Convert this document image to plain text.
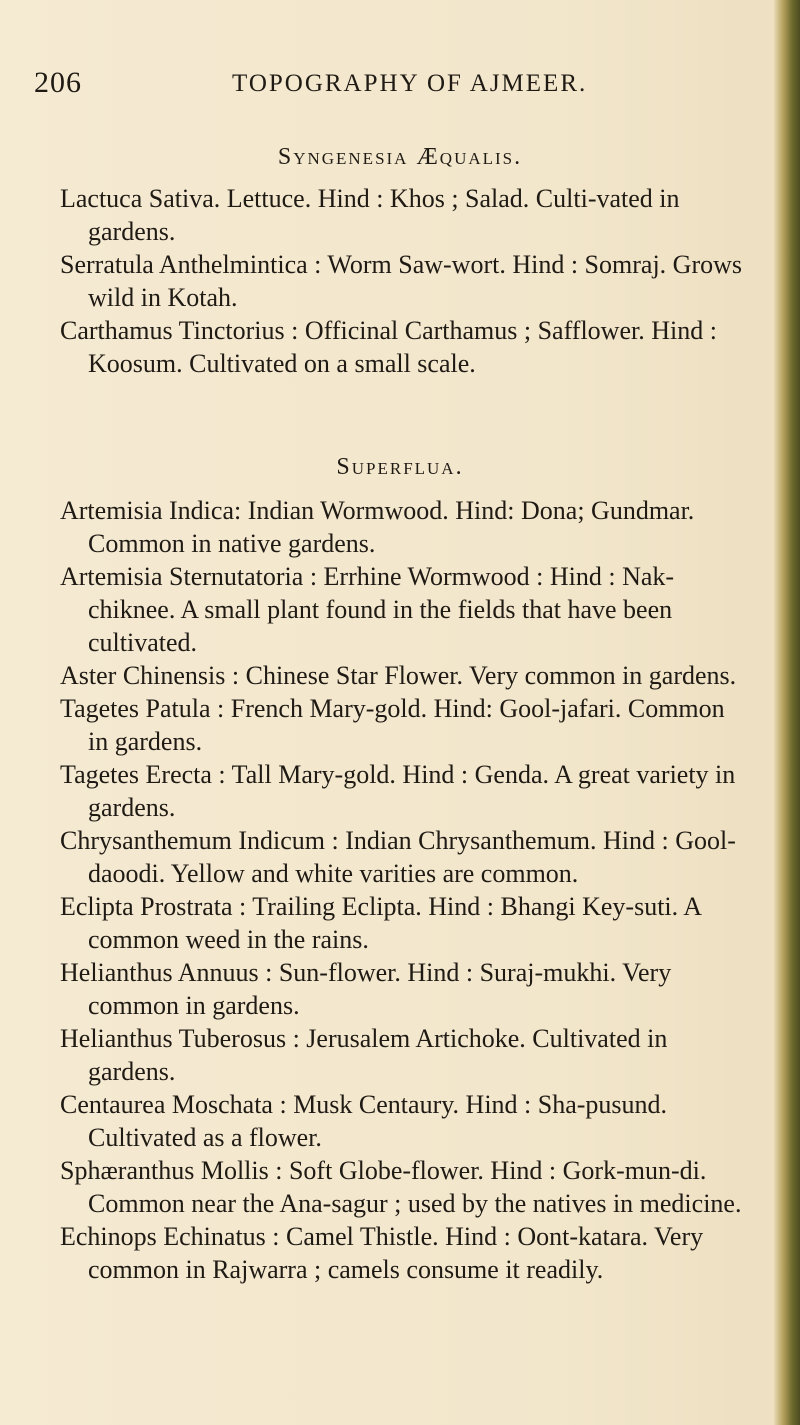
206	TOPOGRAPHY OF AJMEER.
Syngenesia Æqualis.

Lactuca Sativa. Lettuce. Hind : Khos ; Salad. Culti-vated in gardens.

Serratula Anthelmintica : Worm Saw-wort. Hind : Somraj. Grows wild in Kotah.

Carthamus Tinctorius : Officinal Carthamus ; Safflower. Hind : Koosum. Cultivated on a small scale.

Superflua.

Artemisia Indica: Indian Wormwood. Hind: Dona; Gundmar. Common in native gardens.

Artemisia Sternutatoria : Errhine Wormwood : Hind : Nak-chiknee. A small plant found in the fields that have been cultivated.

Aster Chinensis : Chinese Star Flower. Very common in gardens.

Tagetes Patula : French Mary-gold. Hind: Gool-jafari. Common in gardens.

Tagetes Erecta : Tall Mary-gold. Hind : Genda. A great variety in gardens.

Chrysanthemum Indicum : Indian Chrysanthemum. Hind : Gool-daoodi. Yellow and white varities are common.

Eclipta Prostrata : Trailing Eclipta. Hind : Bhangi Key-suti. A common weed in the rains.

Helianthus Annuus : Sun-flower. Hind : Suraj-mukhi. Very common in gardens.

Helianthus Tuberosus : Jerusalem Artichoke. Cultivated in gardens.

Centaurea Moschata : Musk Centaury. Hind : Sha-pusund. Cultivated as a flower.

Sphæranthus Mollis : Soft Globe-flower. Hind : Gork-mun-di. Common near the Ana-sagur ; used by the natives in medicine.

Echinops Echinatus : Camel Thistle. Hind : Oont-katara. Very common in Rajwarra ; camels consume it readily.
